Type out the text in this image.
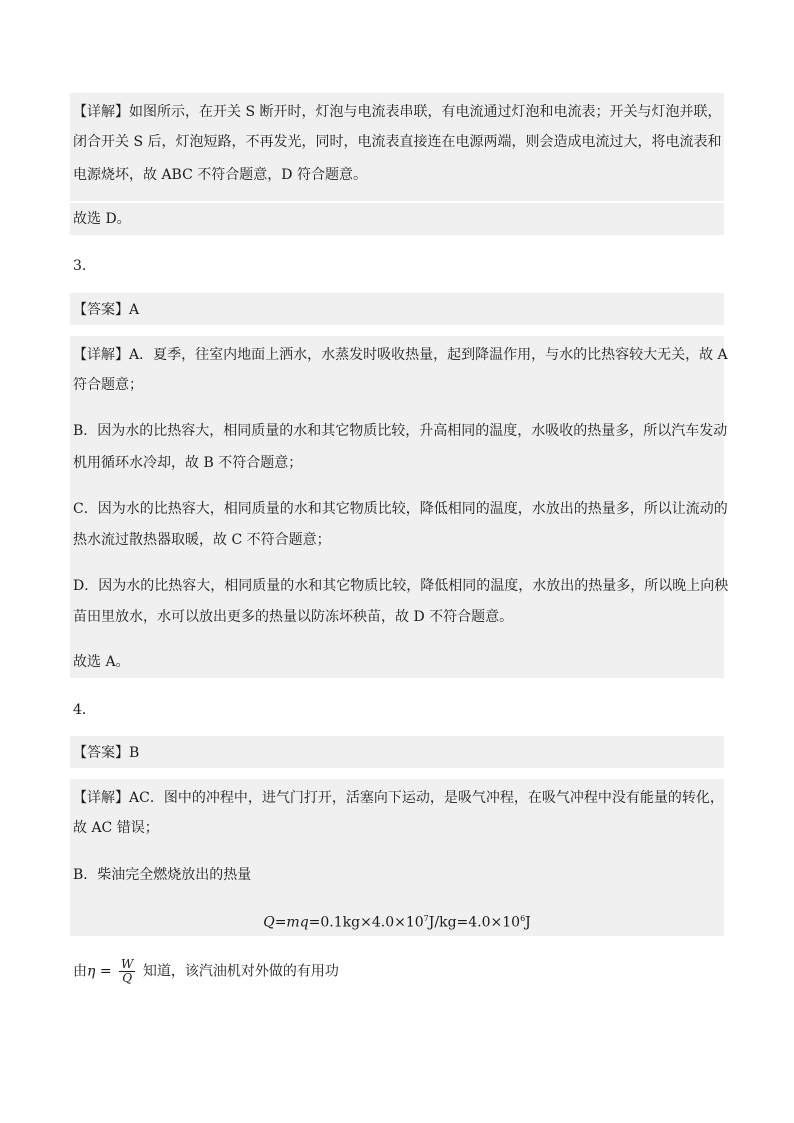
【详解】如图所示，在开关 S 断开时，灯泡与电流表串联，有电流通过灯泡和电流表；开关与灯泡并联，
闭合开关 S 后，灯泡短路，不再发光，同时，电流表直接连在电源两端，则会造成电流过大，将电流表和
电源烧坏，故 ABC 不符合题意，D 符合题意。
故选 D。
3．
【答案】A
【详解】A．夏季，往室内地面上洒水，水蒸发时吸收热量，起到降温作用，与水的比热容较大无关，故 A
符合题意；
B．因为水的比热容大，相同质量的水和其它物质比较，升高相同的温度，水吸收的热量多，所以汽车发动
机用循环水冷却，故 B 不符合题意；
C．因为水的比热容大，相同质量的水和其它物质比较，降低相同的温度，水放出的热量多，所以让流动的
热水流过散热器取暖，故 C 不符合题意；
D．因为水的比热容大，相同质量的水和其它物质比较，降低相同的温度，水放出的热量多，所以晚上向秧
苗田里放水，水可以放出更多的热量以防冻坏秧苗，故 D 不符合题意。
故选 A。
4．
【答案】B
【详解】AC．图中的冲程中，进气门打开，活塞向下运动，是吸气冲程，在吸气冲程中没有能量的转化，
故 AC 错误；
B．柴油完全燃烧放出的热量
$Q=mq=0.1kg\times 4.0\times 10^7J/kg=4.0\times 10^6J$
由$\eta = \frac{W}{Q}$ 知道，该汽油机对外做的有用功
